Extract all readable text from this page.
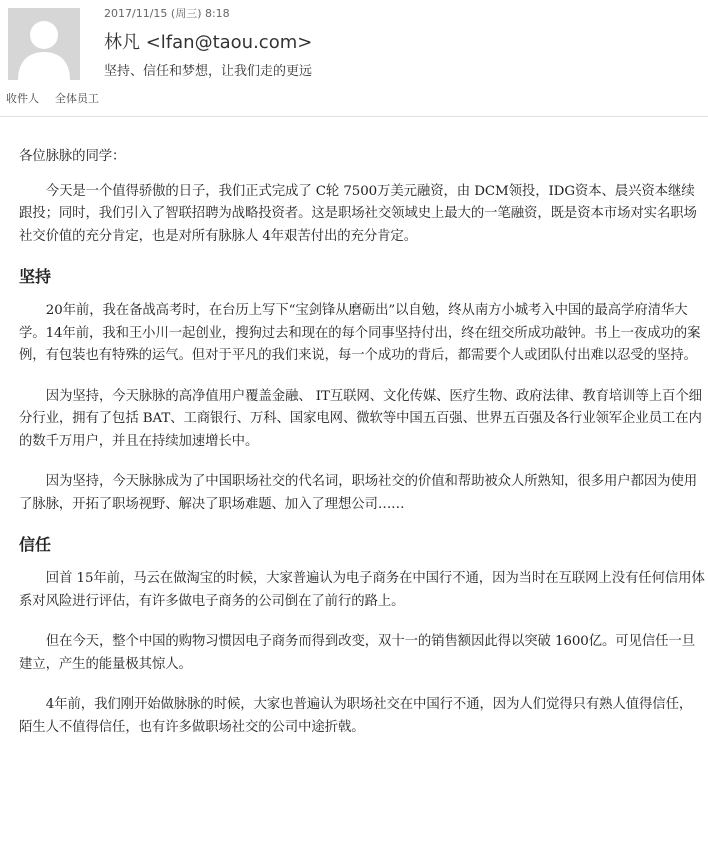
2017/11/15 (周三) 8:18
林凡 <lfan@taou.com>
坚持、信任和梦想，让我们走的更远
收件人 全体员工

各位脉脉的同学：

今天是一个值得骄傲的日子，我们正式完成了 C轮 7500万美元融资，由 DCM领投，IDG资本、晨兴资本继续跟投；同时，我们引入了智联招聘为战略投资者。这是职场社交领域史上最大的一笔融资，既是资本市场对实名职场社交价值的充分肯定，也是对所有脉脉人 4年艰苦付出的充分肯定。

坚持

20年前，我在备战高考时，在台历上写下“宝剑锋从磨砺出”以自勉，终从南方小城考入中国的最高学府清华大学。14年前，我和王小川一起创业，搜狗过去和现在的每个同事坚持付出，终在纽交所成功敲钟。书上一夜成功的案例，有包装也有特殊的运气。但对于平凡的我们来说，每一个成功的背后，都需要个人或团队付出难以忍受的坚持。

因为坚持，今天脉脉的高净值用户覆盖金融、 IT互联网、文化传媒、医疗生物、政府法律、教育培训等上百个细分行业，拥有了包括 BAT、工商银行、万科、国家电网、微软等中国五百强、世界五百强及各行业领军企业员工在内的数千万用户，并且在持续加速增长中。

因为坚持，今天脉脉成为了中国职场社交的代名词，职场社交的价值和帮助被众人所熟知，很多用户都因为使用了脉脉，开拓了职场视野、解决了职场难题、加入了理想公司……

信任

回首 15年前，马云在做淘宝的时候，大家普遍认为电子商务在中国行不通，因为当时在互联网上没有任何信用体系对风险进行评估，有许多做电子商务的公司倒在了前行的路上。

但在今天，整个中国的购物习惯因电子商务而得到改变，双十一的销售额因此得以突破 1600亿。可见信任一旦建立，产生的能量极其惊人。

4年前，我们刚开始做脉脉的时候，大家也普遍认为职场社交在中国行不通，因为人们觉得只有熟人值得信任，陌生人不值得信任，也有许多做职场社交的公司中途折戟。
